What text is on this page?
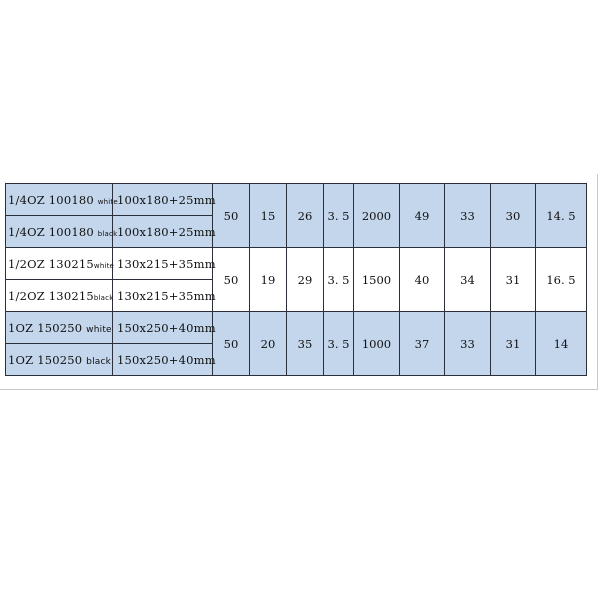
1/4OZ 100180 white	100x180+25mm	50	15	26	3. 5	2000	49	33	30	14. 5
1/4OZ 100180 black	100x180+25mm									
1/2OZ 130215white	130x215+35mm	50	19	29	3. 5	1500	40	34	31	16. 5
1/2OZ 130215black	130x215+35mm									
1OZ 150250 white	150x250+40mm	50	20	35	3. 5	1000	37	33	31	14
1OZ 150250 black	150x250+40mm									
